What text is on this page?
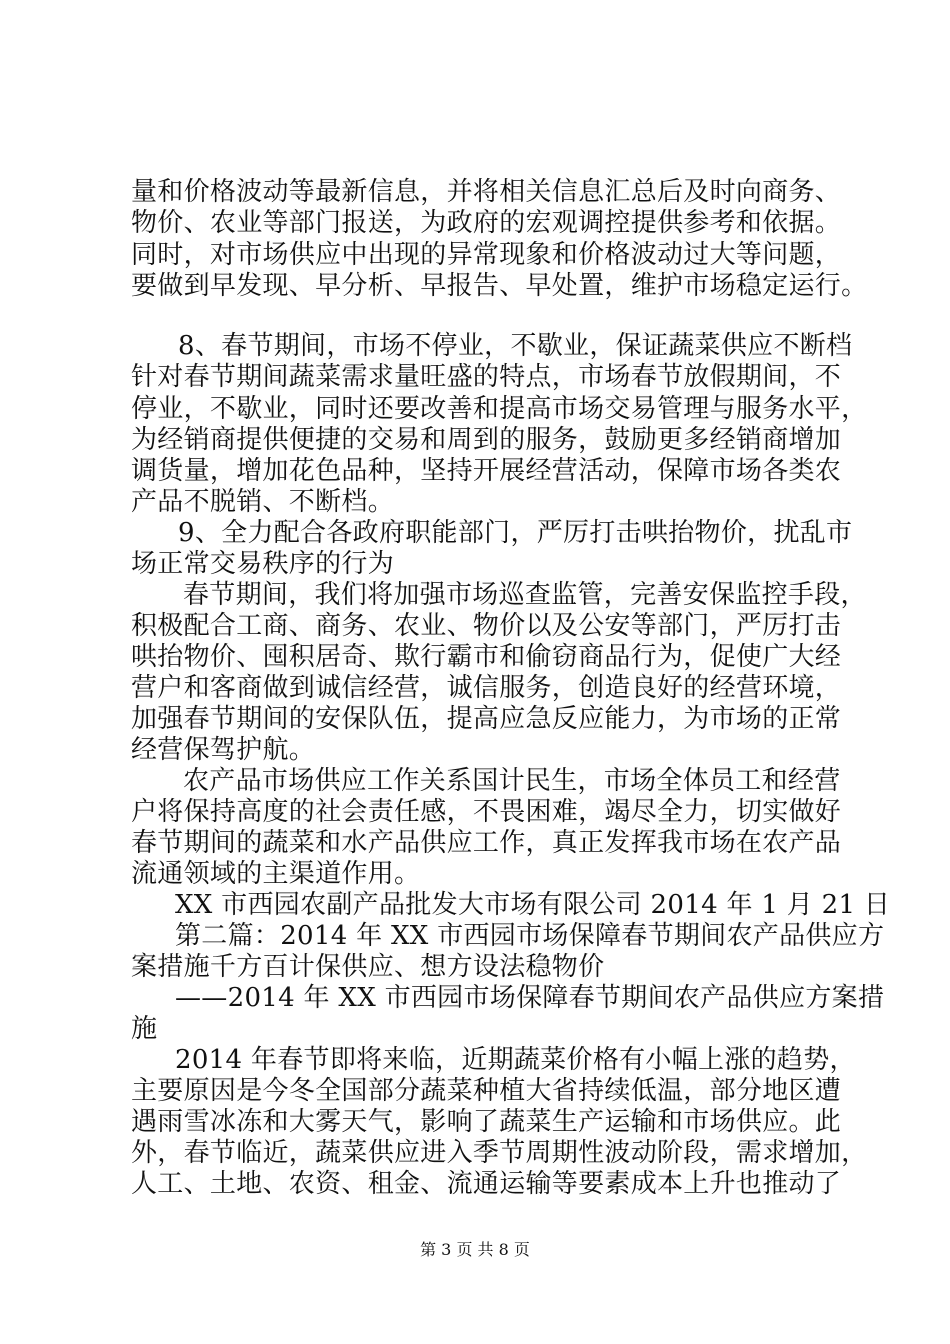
量和价格波动等最新信息，并将相关信息汇总后及时向商务、
物价、农业等部门报送，为政府的宏观调控提供参考和依据。
同时，对市场供应中出现的异常现象和价格波动过大等问题，
要做到早发现、早分析、早报告、早处置，维护市场稳定运行。
8、春节期间，市场不停业，不歇业，保证蔬菜供应不断档
针对春节期间蔬菜需求量旺盛的特点，市场春节放假期间，不
停业，不歇业，同时还要改善和提高市场交易管理与服务水平，
为经销商提供便捷的交易和周到的服务，鼓励更多经销商增加
调货量，增加花色品种，坚持开展经营活动，保障市场各类农
产品不脱销、不断档。
9、全力配合各政府职能部门，严厉打击哄抬物价，扰乱市
场正常交易秩序的行为
春节期间，我们将加强市场巡查监管，完善安保监控手段，
积极配合工商、商务、农业、物价以及公安等部门，严厉打击
哄抬物价、囤积居奇、欺行霸市和偷窃商品行为，促使广大经
营户和客商做到诚信经营，诚信服务，创造良好的经营环境，
加强春节期间的安保队伍，提高应急反应能力，为市场的正常
经营保驾护航。
农产品市场供应工作关系国计民生，市场全体员工和经营
户将保持高度的社会责任感，不畏困难，竭尽全力，切实做好
春节期间的蔬菜和水产品供应工作，真正发挥我市场在农产品
流通领域的主渠道作用。
XX 市西园农副产品批发大市场有限公司 2014 年 1 月 21 日
第二篇：2014 年 XX 市西园市场保障春节期间农产品供应方
案措施千方百计保供应、想方设法稳物价
——2014 年 XX 市西园市场保障春节期间农产品供应方案措
施
2014 年春节即将来临，近期蔬菜价格有小幅上涨的趋势，
主要原因是今冬全国部分蔬菜种植大省持续低温，部分地区遭
遇雨雪冰冻和大雾天气，影响了蔬菜生产运输和市场供应。此
外，春节临近，蔬菜供应进入季节周期性波动阶段，需求增加，
人工、土地、农资、租金、流通运输等要素成本上升也推动了
第 3 页 共 8 页
